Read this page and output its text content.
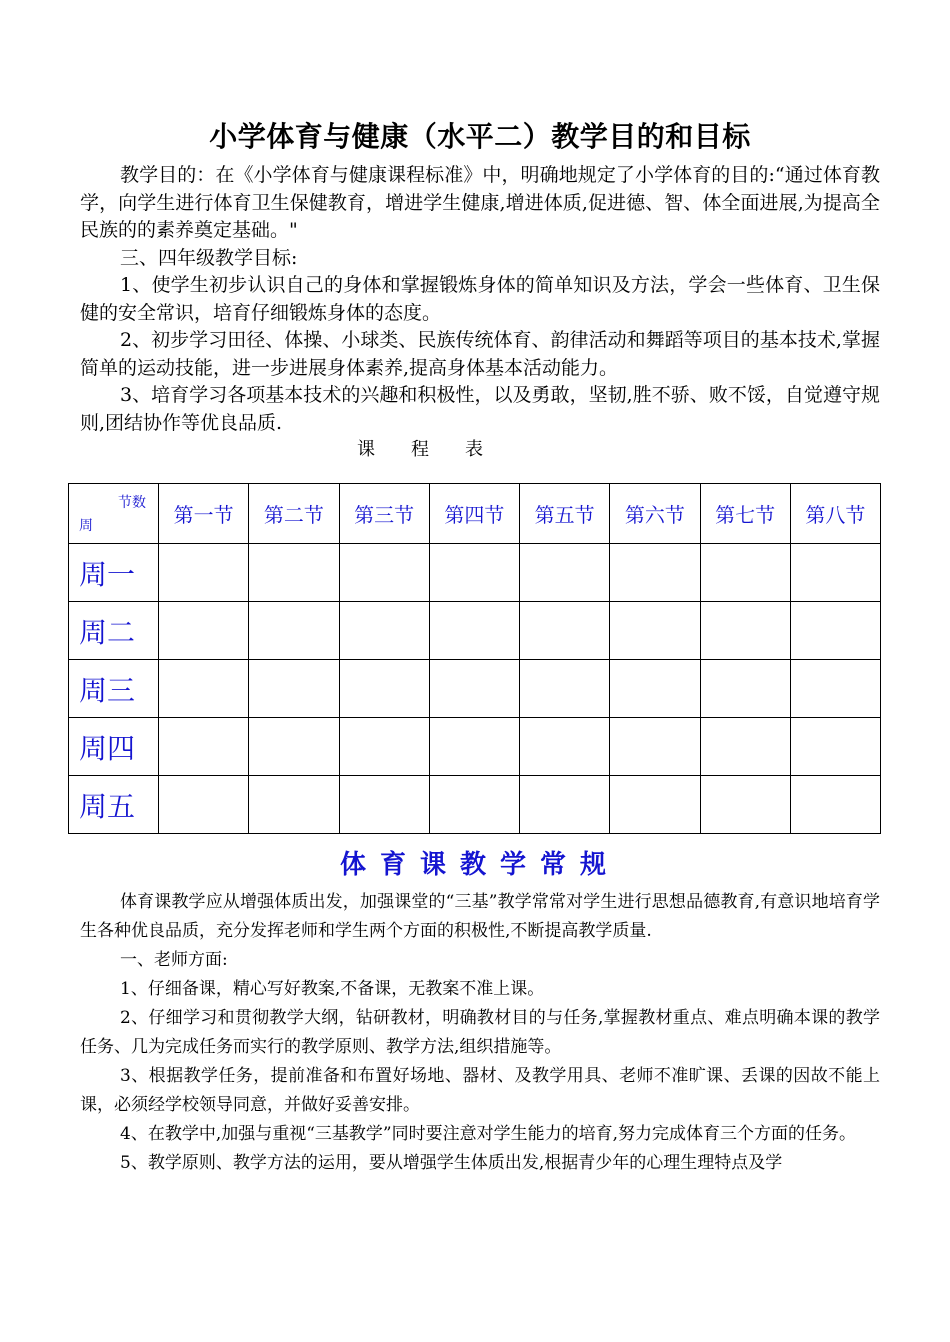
小学体育与健康（水平二）教学目的和目标

教学目的：在《小学体育与健康课程标准》中，明确地规定了小学体育的目的:“通过体育教学，向学生进行体育卫生保健教育，增进学生健康,增进体质,促进德、智、体全面进展,为提高全民族的的素养奠定基础。"

三、四年级教学目标:

1、使学生初步认识自己的身体和掌握锻炼身体的简单知识及方法，学会一些体育、卫生保健的安全常识，培育仔细锻炼身体的态度。

2、初步学习田径、体操、小球类、民族传统体育、韵律活动和舞蹈等项目的基本技术,掌握简单的运动技能，进一步进展身体素养,提高身体基本活动能力。

3、培育学习各项基本技术的兴趣和积极性，以及勇敢，坚韧,胜不骄、败不馁，自觉遵守规则,团结协作等优良品质.

课　　程　　表

节数
周	第一节	第二节	第三节	第四节	第五节	第六节	第七节	第八节
周一								
周二								
周三								
周四								
周五								
体育课教学常规

体育课教学应从增强体质出发，加强课堂的“三基”教学常常对学生进行思想品德教育,有意识地培育学生各种优良品质，充分发挥老师和学生两个方面的积极性,不断提高教学质量.

一、老师方面:

1、仔细备课，精心写好教案,不备课，无教案不准上课。

2、仔细学习和贯彻教学大纲，钻研教材，明确教材目的与任务,掌握教材重点、难点明确本课的教学任务、几为完成任务而实行的教学原则、教学方法,组织措施等。

3、根据教学任务，提前准备和布置好场地、器材、及教学用具、老师不准旷课、丢课的因故不能上课，必须经学校领导同意，并做好妥善安排。

4、在教学中,加强与重视“三基教学”同时要注意对学生能力的培育,努力完成体育三个方面的任务。

5、教学原则、教学方法的运用，要从增强学生体质出发,根据青少年的心理生理特点及学
